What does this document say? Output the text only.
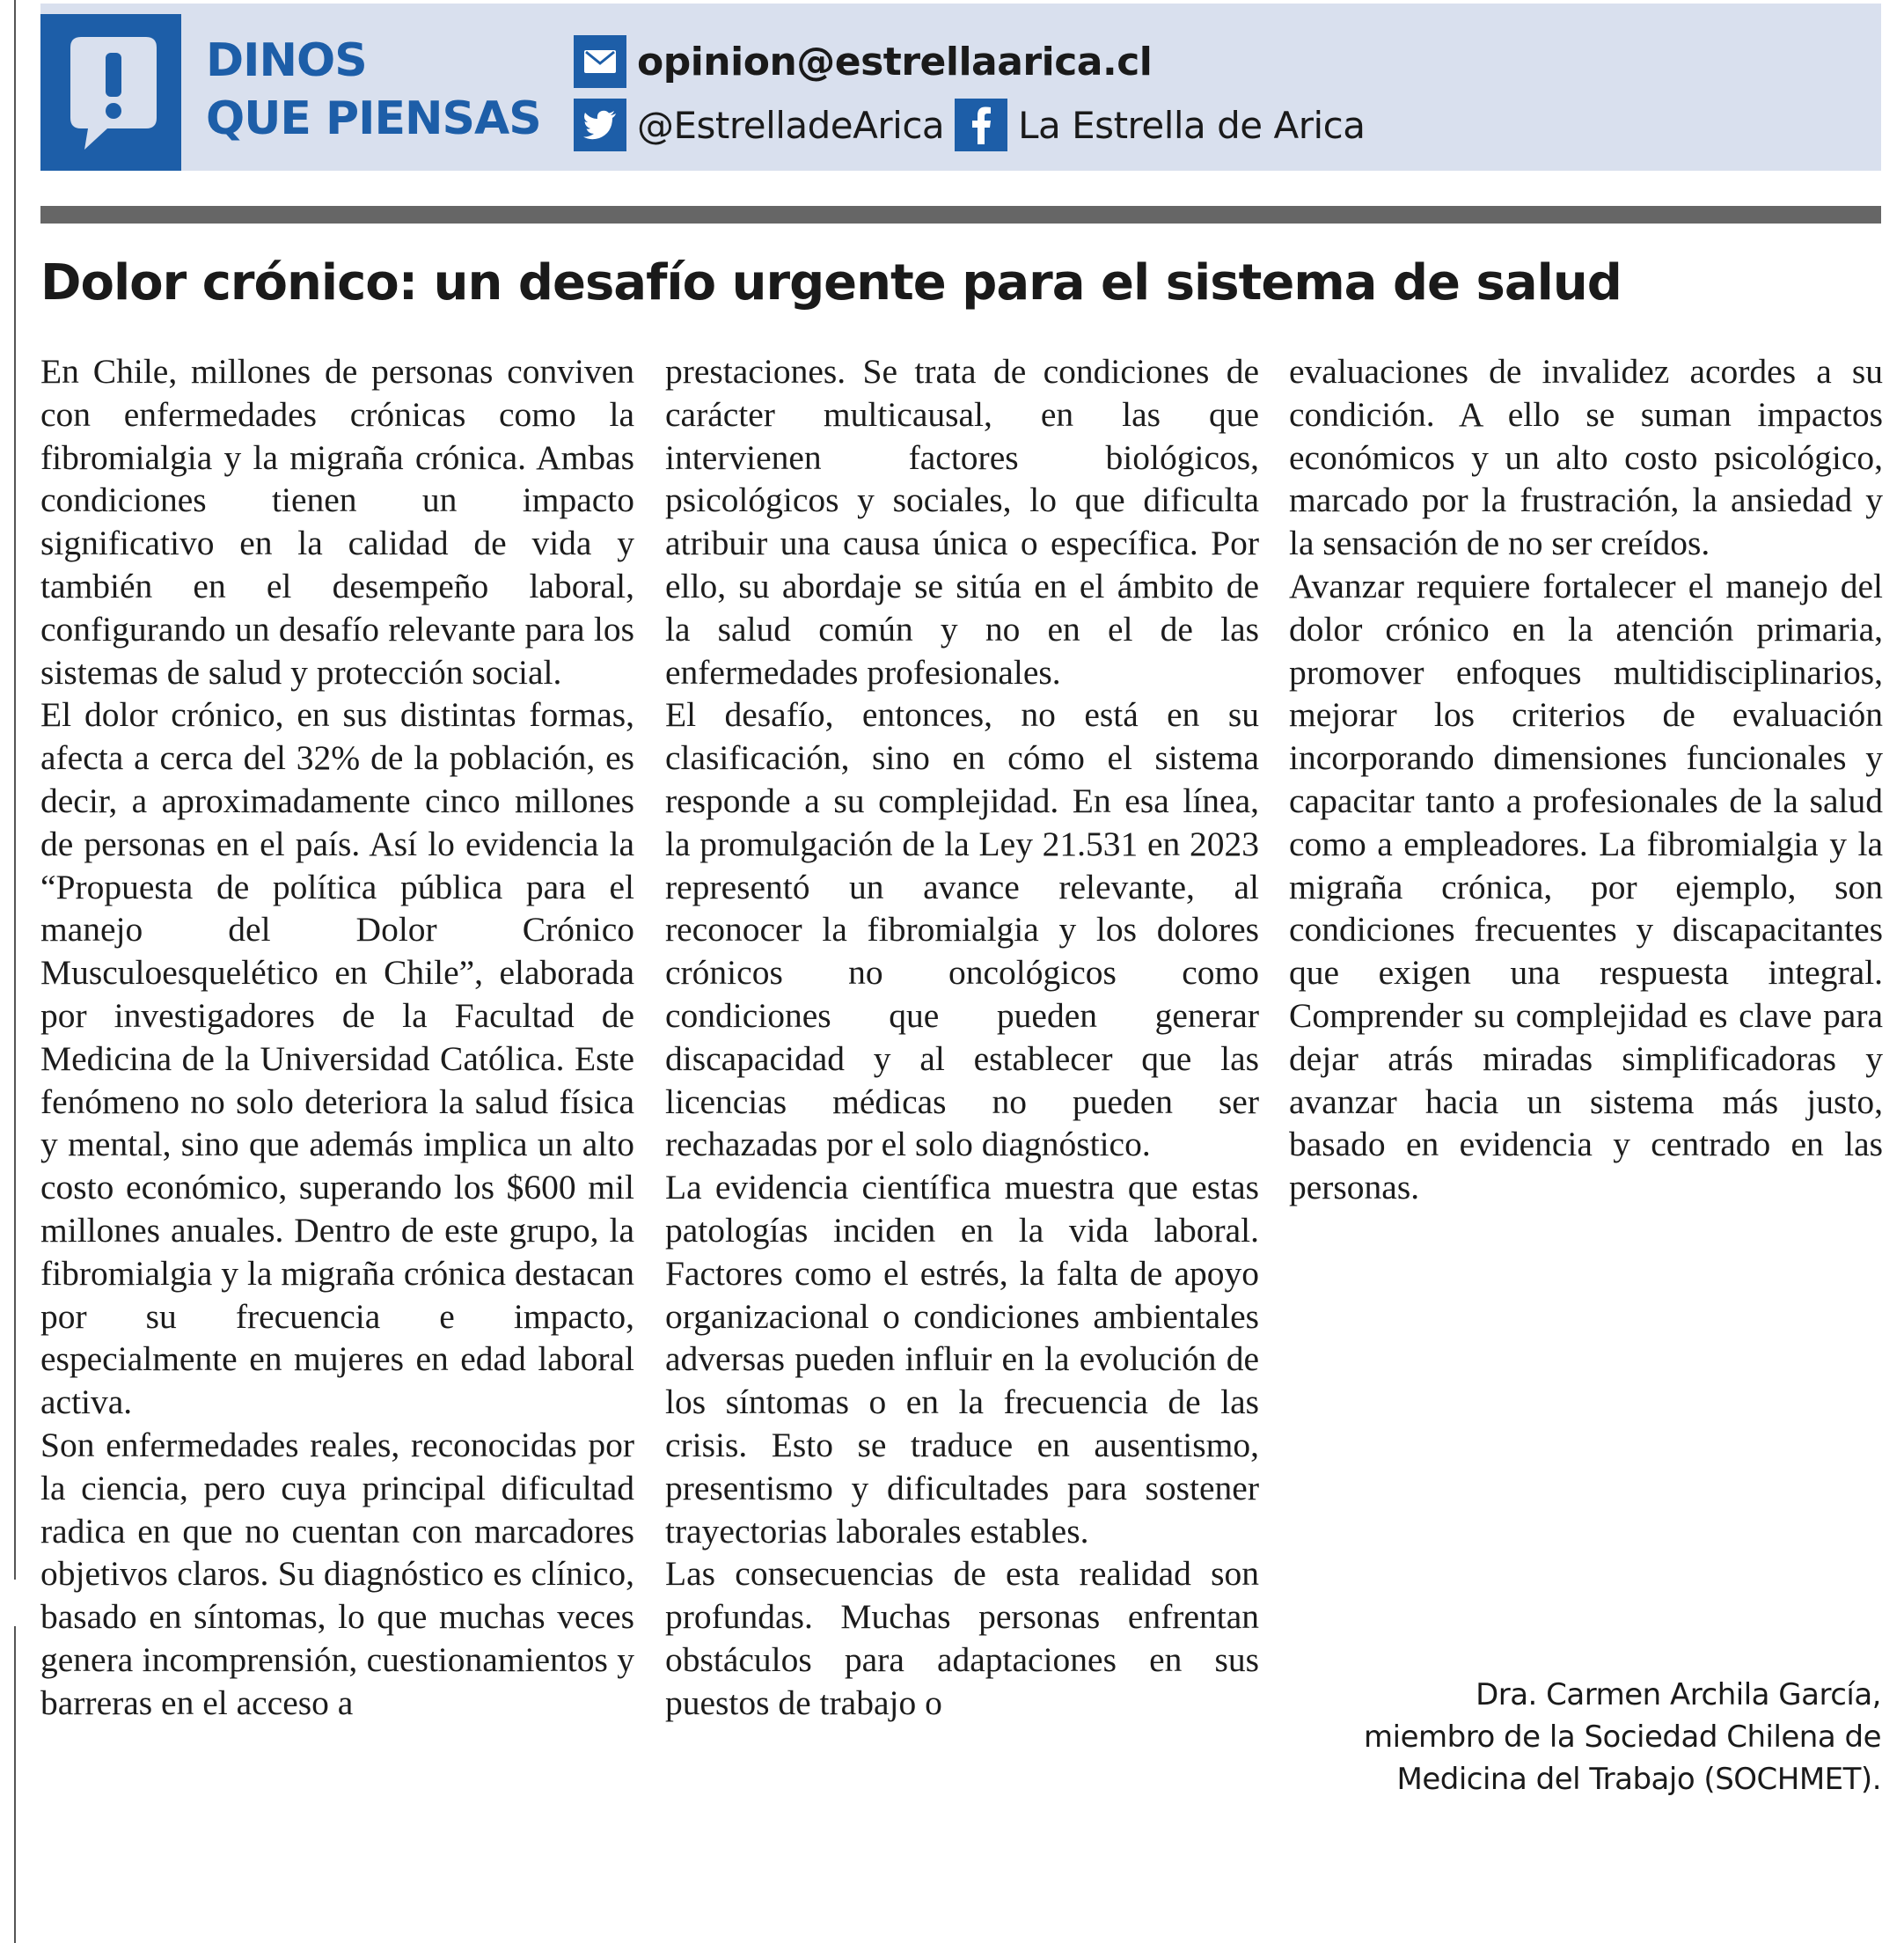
DINOS
QUE PIENSAS
opinion@estrellaarica.cl
@EstrelladeArica La Estrella de Arica
Dolor crónico: un desafío urgente para el sistema de salud

En Chile, millones de personas conviven con enfermedades crónicas como la fibromialgia y la migraña crónica. Ambas condiciones tienen un impacto significativo en la calidad de vida y también en el desempeño laboral, configurando un desafío relevante para los sistemas de salud y protección social.

El dolor crónico, en sus distintas formas, afecta a cerca del 32% de la población, es decir, a aproximadamente cinco millones de personas en el país. Así lo evidencia la “Propuesta de política pública para el manejo del Dolor Crónico Musculoesquelético en Chile”, elaborada por investigadores de la Facultad de Medicina de la Universidad Católica. Este fenómeno no solo deteriora la salud física y mental, sino que además implica un alto costo económico, superando los $600 mil millones anuales. Dentro de este grupo, la fibromialgia y la migraña crónica destacan por su frecuencia e impacto, especialmente en mujeres en edad laboral activa.

Son enfermedades reales, reconocidas por la ciencia, pero cuya principal dificultad radica en que no cuentan con marcadores objetivos claros. Su diagnóstico es clínico, basado en síntomas, lo que muchas veces genera incomprensión, cuestionamientos y barreras en el acceso a

prestaciones. Se trata de condiciones de carácter multicausal, en las que intervienen factores biológicos, psicológicos y sociales, lo que dificulta atribuir una causa única o específica. Por ello, su abordaje se sitúa en el ámbito de la salud común y no en el de las enfermedades profesionales.

El desafío, entonces, no está en su clasificación, sino en cómo el sistema responde a su complejidad. En esa línea, la promulgación de la Ley 21.531 en 2023 representó un avance relevante, al reconocer la fibromialgia y los dolores crónicos no oncológicos como condiciones que pueden generar discapacidad y al establecer que las licencias médicas no pueden ser rechazadas por el solo diagnóstico.

La evidencia científica muestra que estas patologías inciden en la vida laboral. Factores como el estrés, la falta de apoyo organizacional o condiciones ambientales adversas pueden influir en la evolución de los síntomas o en la frecuencia de las crisis. Esto se traduce en ausentismo, presentismo y dificultades para sostener trayectorias laborales estables.

Las consecuencias de esta realidad son profundas. Muchas personas enfrentan obstáculos para adaptaciones en sus puestos de trabajo o

evaluaciones de invalidez acordes a su condición. A ello se suman impactos económicos y un alto costo psicológico, marcado por la frustración, la ansiedad y la sensación de no ser creídos.

Avanzar requiere fortalecer el manejo del dolor crónico en la atención primaria, promover enfoques multidisciplinarios, mejorar los criterios de evaluación incorporando dimensiones funcionales y capacitar tanto a profesionales de la salud como a empleadores. La fibromialgia y la migraña crónica, por ejemplo, son condiciones frecuentes y discapacitantes que exigen una respuesta integral. Comprender su complejidad es clave para dejar atrás miradas simplificadoras y avanzar hacia un sistema más justo, basado en evidencia y centrado en las personas.

Dra. Carmen Archila García,
miembro de la Sociedad Chilena de
Medicina del Trabajo (SOCHMET).
